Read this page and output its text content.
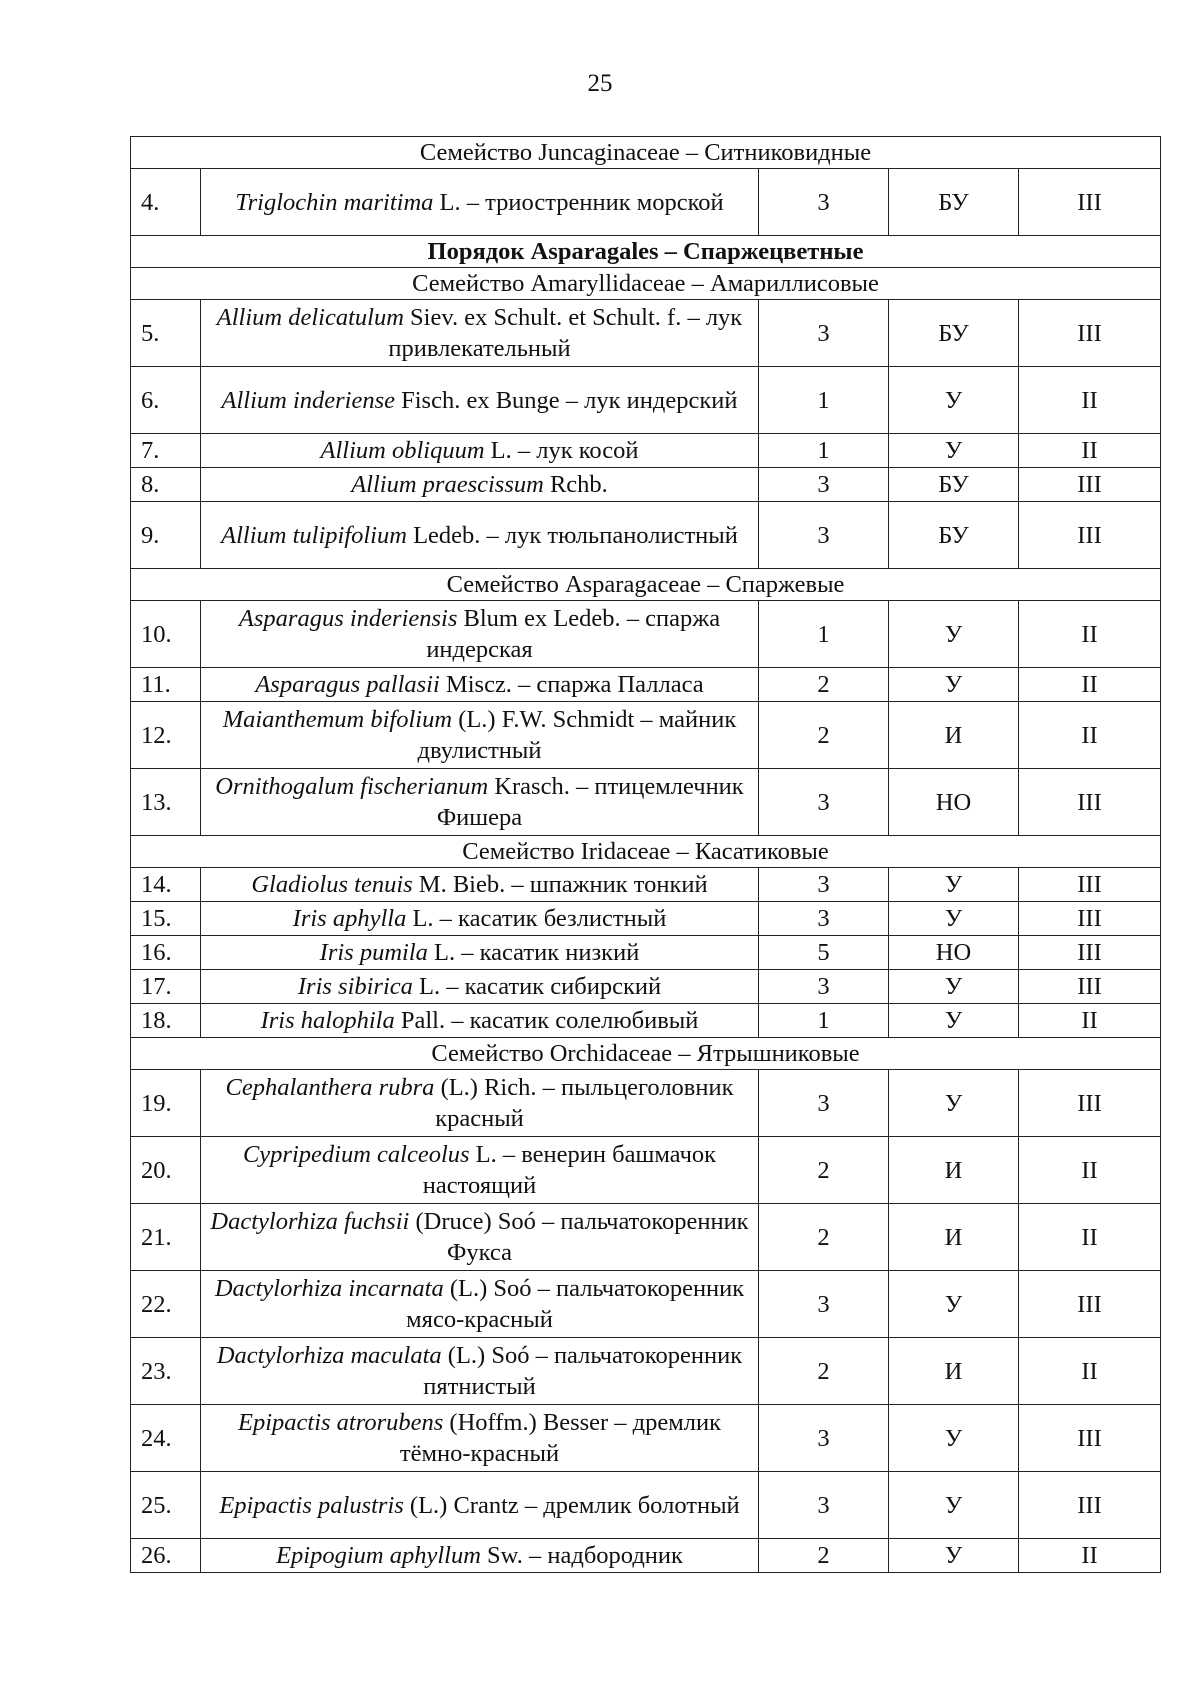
25
Семейство Juncaginaceae – Ситниковидные				
4.	Triglochin maritima L. – триостренник морской	3	БУ	III
Порядок Asparagales – Спаржецветные				
Семейство Amaryllidaceae – Амариллисовые				
5.	Allium delicatulum Siev. ex Schult. et Schult. f. – лук привлекательный	3	БУ	III
6.	Allium inderiense Fisch. ex Bunge – лук индерский	1	У	II
7.	Allium obliquum L. – лук косой	1	У	II
8.	Allium praescissum Rchb.	3	БУ	III
9.	Allium tulipifolium Ledeb. – лук тюльпанолистный	3	БУ	III
Семейство Asparagaceae – Спаржевые				
10.	Asparagus inderiensis Blum ex Ledeb. – спаржа индерская	1	У	II
11.	Asparagus pallasii Miscz. – спаржа Палласа	2	У	II
12.	Maianthemum bifolium (L.) F.W. Schmidt – майник двулистный	2	И	II
13.	Ornithogalum fischerianum Krasch. – птицемлечник Фишера	3	НО	III
Семейство Iridaceae – Касатиковые				
14.	Gladiolus tenuis M. Bieb. – шпажник тонкий	3	У	III
15.	Iris aphylla L. – касатик безлистный	3	У	III
16.	Iris pumila L. – касатик низкий	5	НО	III
17.	Iris sibirica L. – касатик сибирский	3	У	III
18.	Iris halophila Pall. – касатик солелюбивый	1	У	II
Семейство Orchidaceae – Ятрышниковые				
19.	Cephalanthera rubra (L.) Rich. – пыльцеголовник красный	3	У	III
20.	Cypripedium calceolus L. – венерин башмачок настоящий	2	И	II
21.	Dactylorhiza fuchsii (Druce) Soó – пальчатокоренник Фукса	2	И	II
22.	Dactylorhiza incarnata (L.) Soó – пальчатокоренник мясо-красный	3	У	III
23.	Dactylorhiza maculata (L.) Soó – пальчатокоренник пятнистый	2	И	II
24.	Epipactis atrorubens (Hoffm.) Besser – дремлик тёмно-красный	3	У	III
25.	Epipactis palustris (L.) Crantz – дремлик болотный	3	У	III
26.	Epipogium aphyllum Sw. – надбородник	2	У	II
